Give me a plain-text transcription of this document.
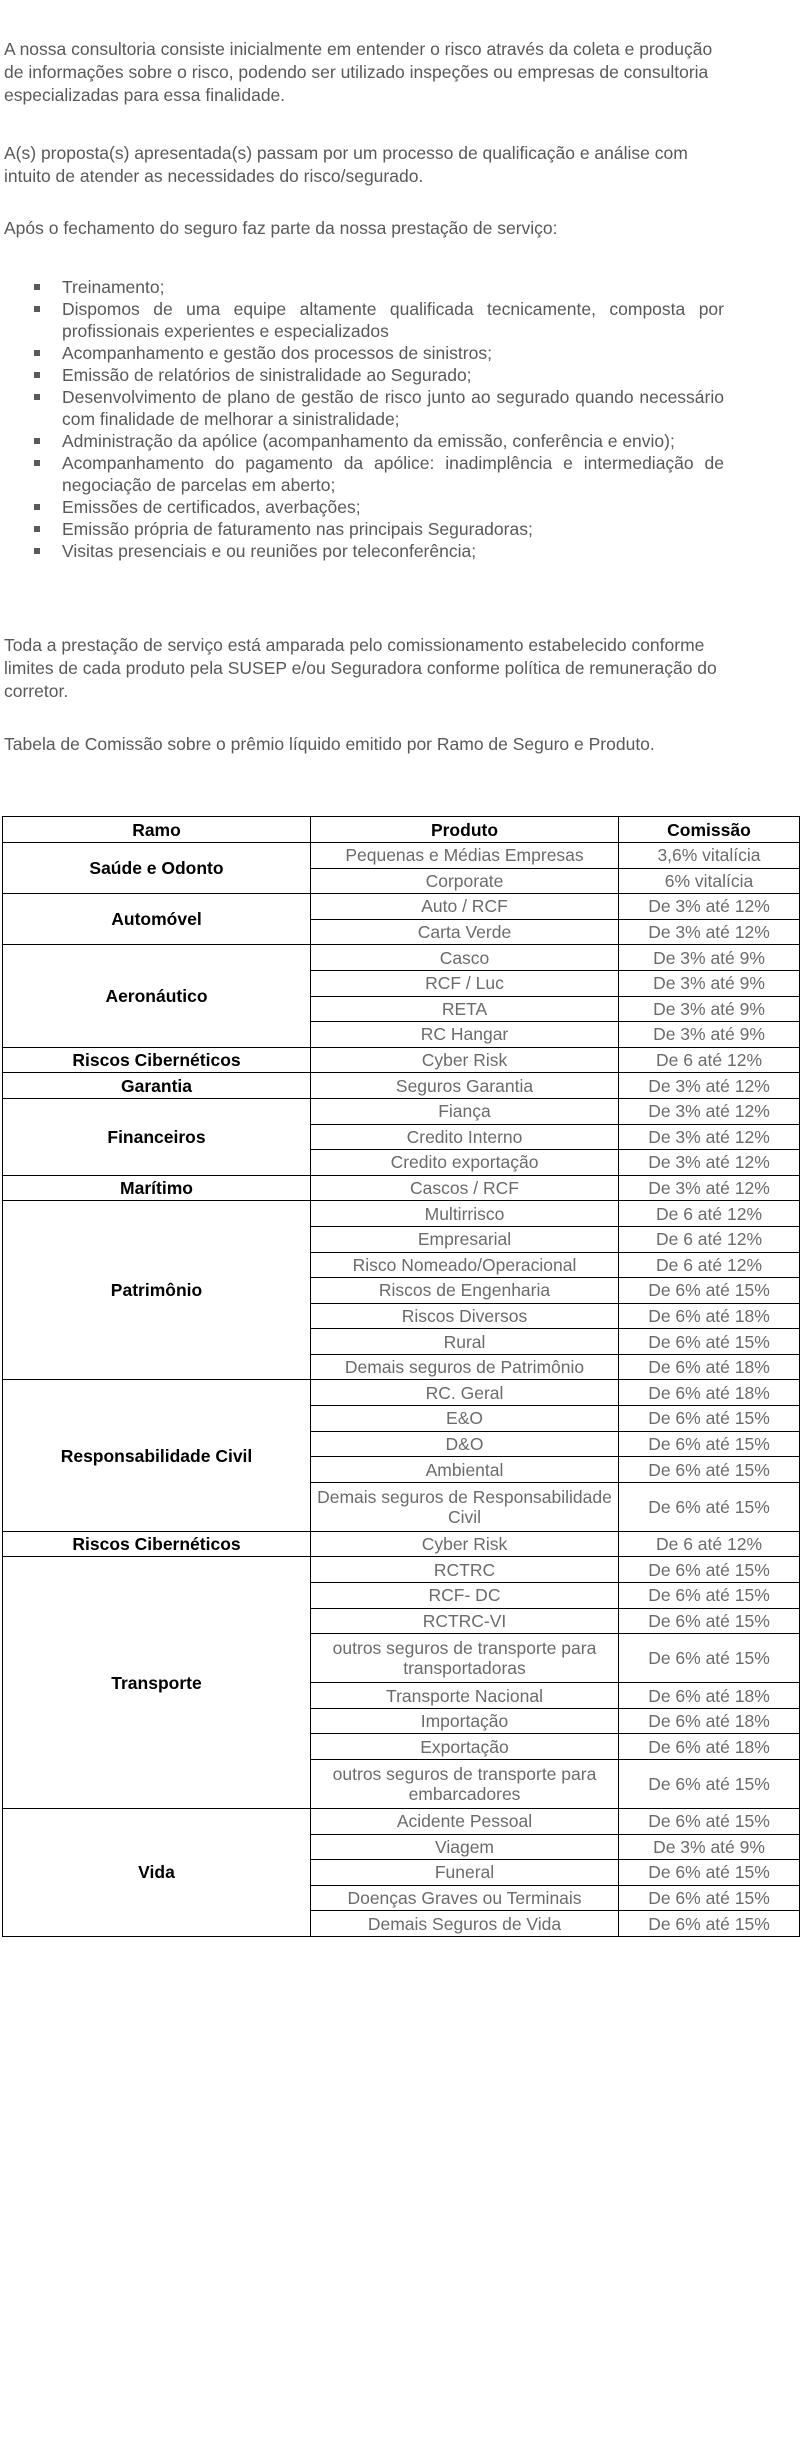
A nossa consultoria consiste inicialmente em entender o risco através da coleta e produção de informações sobre o risco, podendo ser utilizado inspeções ou empresas de consultoria especializadas para essa finalidade.

A(s) proposta(s) apresentada(s) passam por um processo de qualificação e análise com intuito de atender as necessidades do risco/segurado.

Após o fechamento do seguro faz parte da nossa prestação de serviço:

Treinamento;
Dispomos de uma equipe altamente qualificada tecnicamente, composta por profissionais experientes e especializados
Acompanhamento e gestão dos processos de sinistros;
Emissão de relatórios de sinistralidade ao Segurado;
Desenvolvimento de plano de gestão de risco junto ao segurado quando necessário com finalidade de melhorar a sinistralidade;
Administração da apólice (acompanhamento da emissão, conferência e envio);
Acompanhamento do pagamento da apólice: inadimplência e intermediação de negociação de parcelas em aberto;
Emissões de certificados, averbações;
Emissão própria de faturamento nas principais Seguradoras;
Visitas presenciais e ou reuniões por teleconferência;

Toda a prestação de serviço está amparada pelo comissionamento estabelecido conforme limites de cada produto pela SUSEP e/ou Seguradora conforme política de remuneração do corretor.

Tabela de Comissão sobre o prêmio líquido emitido por Ramo de Seguro e Produto.

Ramo	Produto	Comissão
Saúde e Odonto	Pequenas e Médias Empresas	3,6% vitalícia
	Corporate	6% vitalícia
Automóvel	Auto / RCF	De 3% até 12%
	Carta Verde	De 3% até 12%
Aeronáutico	Casco	De 3% até 9%
	RCF / Luc	De 3% até 9%
	RETA	De 3% até 9%
	RC Hangar	De 3% até 9%
Riscos Cibernéticos	Cyber Risk	De 6 até 12%
Garantia	Seguros Garantia	De 3% até 12%
Financeiros	Fiança	De 3% até 12%
	Credito Interno	De 3% até 12%
	Credito exportação	De 3% até 12%
Marítimo	Cascos / RCF	De 3% até 12%
Patrimônio	Multirrisco	De 6 até 12%
	Empresarial	De 6 até 12%
	Risco Nomeado/Operacional	De 6 até 12%
	Riscos de Engenharia	De 6% até 15%
	Riscos Diversos	De 6% até 18%
	Rural	De 6% até 15%
	Demais seguros de Patrimônio	De 6% até 18%
Responsabilidade Civil	RC. Geral	De 6% até 18%
	E&O	De 6% até 15%
	D&O	De 6% até 15%
	Ambiental	De 6% até 15%
	Demais seguros de Responsabilidade Civil	De 6% até 15%
Riscos Cibernéticos	Cyber Risk	De 6 até 12%
Transporte	RCTRC	De 6% até 15%
	RCF- DC	De 6% até 15%
	RCTRC-VI	De 6% até 15%
	outros seguros de transporte para transportadoras	De 6% até 15%
	Transporte Nacional	De 6% até 18%
	Importação	De 6% até 18%
	Exportação	De 6% até 18%
	outros seguros de transporte para embarcadores	De 6% até 15%
Vida	Acidente Pessoal	De 6% até 15%
	Viagem	De 3% até 9%
	Funeral	De 6% até 15%
	Doenças Graves ou Terminais	De 6% até 15%
	Demais Seguros de Vida	De 6% até 15%
